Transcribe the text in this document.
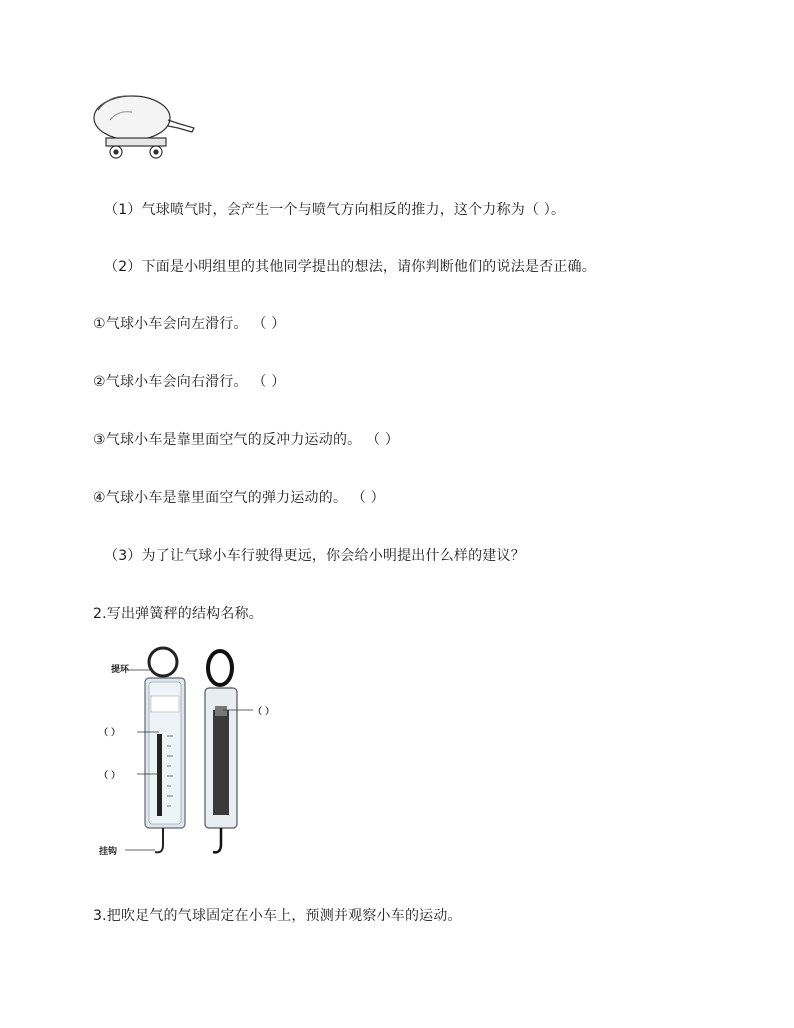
（1）气球喷气时，会产生一个与喷气方向相反的推力，这个力称为（ ）。
（2）下面是小明组里的其他同学提出的想法，请你判断他们的说法是否正确。
①气球小车会向左滑行。 （ ）
②气球小车会向右滑行。 （ ）
③气球小车是靠里面空气的反冲力运动的。 （ ）
④气球小车是靠里面空气的弹力运动的。 （ ）
（3）为了让气球小车行驶得更远，你会给小明提出什么样的建议？
2.写出弹簧秤的结构名称。
提环
（ ）
（ ）
（ ）
挂钩
3.把吹足气的气球固定在小车上，预测并观察小车的运动。
